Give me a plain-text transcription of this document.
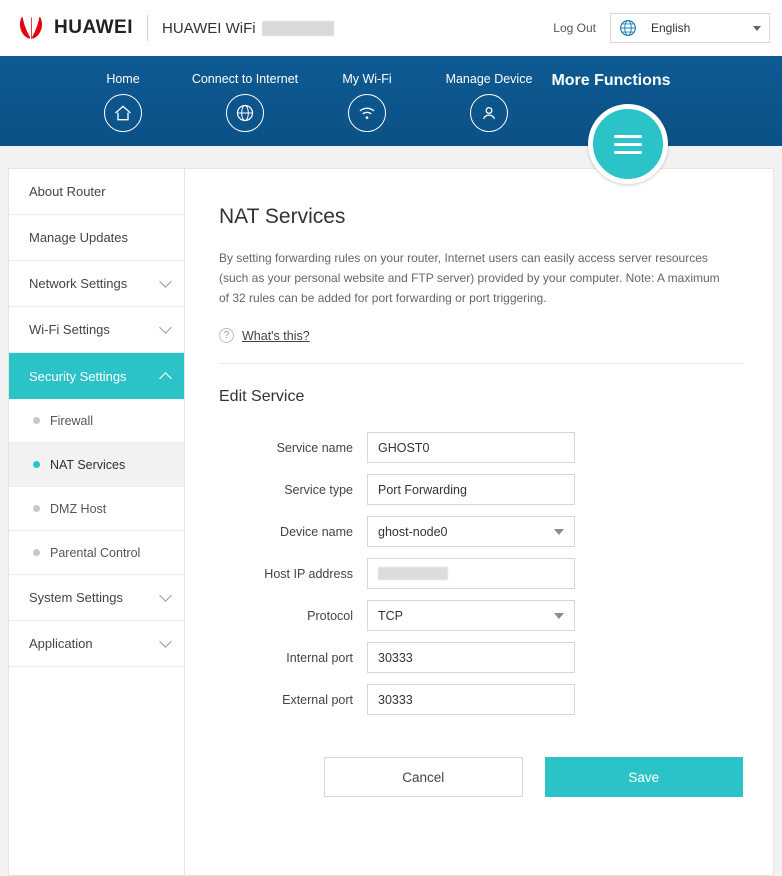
HUAWEI HUAWEI WiFi	Log Out	English
Home	Connect to Internet	My Wi-Fi	Manage Device More Functions
About Router
Manage Updates
Network Settings
Wi-Fi Settings
Security Settings
Firewall
NAT Services
DMZ Host
Parental Control
System Settings
Application
NAT Services
By setting forwarding rules on your router, Internet users can easily access server resources (such as your personal website and FTP server) provided by your computer. Note: A maximum of 32 rules can be added for port forwarding or port triggering.
?	What's this?
Edit Service
Service name	GHOST0
Service type	Port Forwarding
Device name	ghost-node0
Host IP address
Protocol	TCP
Internal port	30333
External port	30333
Cancel	Save
